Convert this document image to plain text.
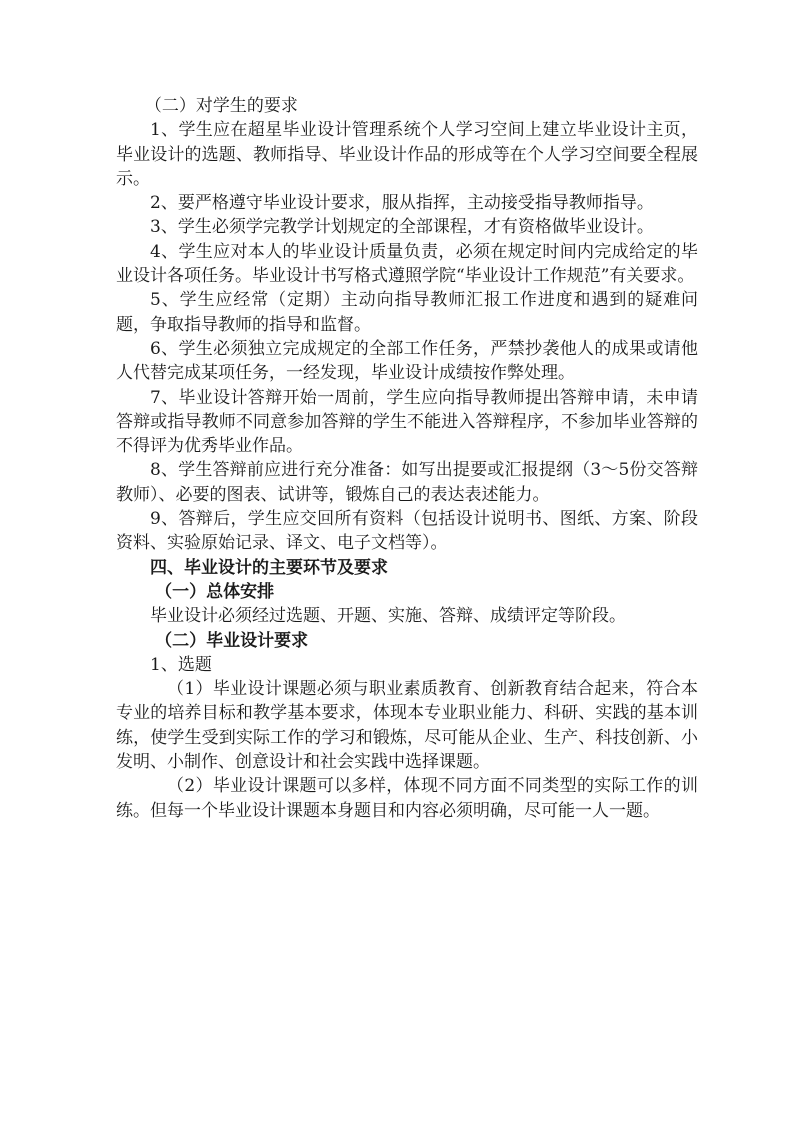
（二）对学生的要求

1、学生应在超星毕业设计管理系统个人学习空间上建立毕业设计主页，毕业设计的选题、教师指导、毕业设计作品的形成等在个人学习空间要全程展示。

2、要严格遵守毕业设计要求，服从指挥，主动接受指导教师指导。

3、学生必须学完教学计划规定的全部课程，才有资格做毕业设计。

4、学生应对本人的毕业设计质量负责，必须在规定时间内完成给定的毕业设计各项任务。毕业设计书写格式遵照学院“毕业设计工作规范”有关要求。

5、学生应经常（定期）主动向指导教师汇报工作进度和遇到的疑难问题，争取指导教师的指导和监督。

6、学生必须独立完成规定的全部工作任务，严禁抄袭他人的成果或请他人代替完成某项任务，一经发现，毕业设计成绩按作弊处理。

7、毕业设计答辩开始一周前，学生应向指导教师提出答辩申请，未申请答辩或指导教师不同意参加答辩的学生不能进入答辩程序，不参加毕业答辩的不得评为优秀毕业作品。

8、学生答辩前应进行充分准备：如写出提要或汇报提纲（3～5份交答辩教师）、必要的图表、试讲等，锻炼自己的表达表述能力。

9、答辩后，学生应交回所有资料（包括设计说明书、图纸、方案、阶段资料、实验原始记录、译文、电子文档等）。

四、毕业设计的主要环节及要求

（一）总体安排

毕业设计必须经过选题、开题、实施、答辩、成绩评定等阶段。

（二）毕业设计要求

1、选题

（1）毕业设计课题必须与职业素质教育、创新教育结合起来，符合本专业的培养目标和教学基本要求，体现本专业职业能力、科研、实践的基本训练，使学生受到实际工作的学习和锻炼，尽可能从企业、生产、科技创新、小发明、小制作、创意设计和社会实践中选择课题。

（2）毕业设计课题可以多样，体现不同方面不同类型的实际工作的训练。但每一个毕业设计课题本身题目和内容必须明确，尽可能一人一题。
